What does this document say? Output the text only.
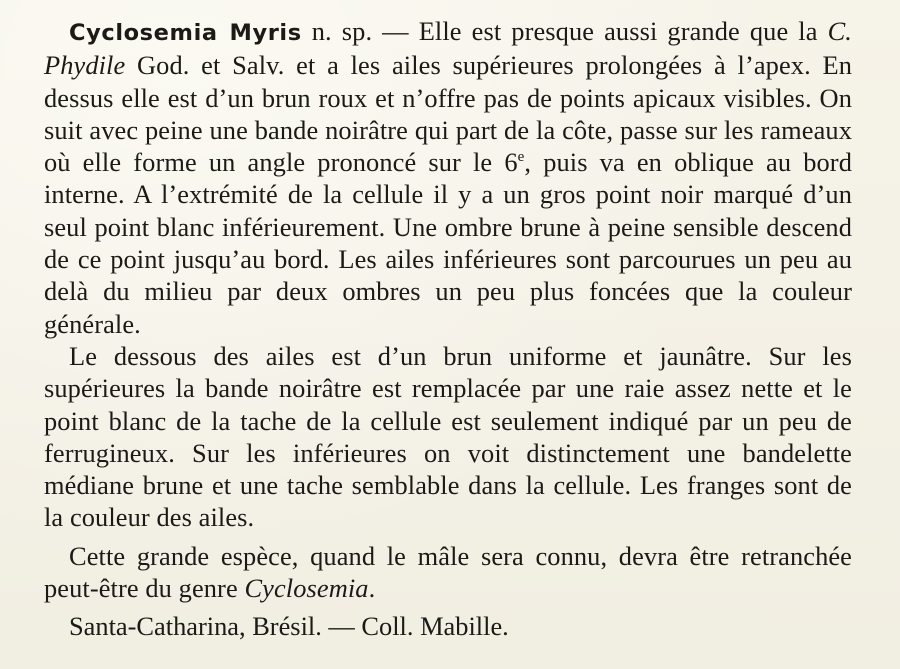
Cyclosemia Myris n. sp. — Elle est presque aussi grande que la C. Phydile God. et Salv. et a les ailes supérieures prolongées à l’apex. En dessus elle est d’un brun roux et n’offre pas de points apicaux visibles. On suit avec peine une bande noirâtre qui part de la côte, passe sur les rameaux où elle forme un angle prononcé sur le 6e, puis va en oblique au bord interne. A l’extrémité de la cellule il y a un gros point noir marqué d’un seul point blanc inférieurement. Une ombre brune à peine sensible descend de ce point jusqu’au bord. Les ailes inférieures sont parcourues un peu au delà du milieu par deux ombres un peu plus foncées que la couleur générale.

Le dessous des ailes est d’un brun uniforme et jaunâtre. Sur les supérieures la bande noirâtre est remplacée par une raie assez nette et le point blanc de la tache de la cellule est seulement indiqué par un peu de ferrugineux. Sur les inférieures on voit distinctement une bandelette médiane brune et une tache semblable dans la cellule. Les franges sont de la couleur des ailes.

Cette grande espèce, quand le mâle sera connu, devra être retranchée peut-être du genre Cyclosemia.

Santa-Catharina, Brésil. — Coll. Mabille.
